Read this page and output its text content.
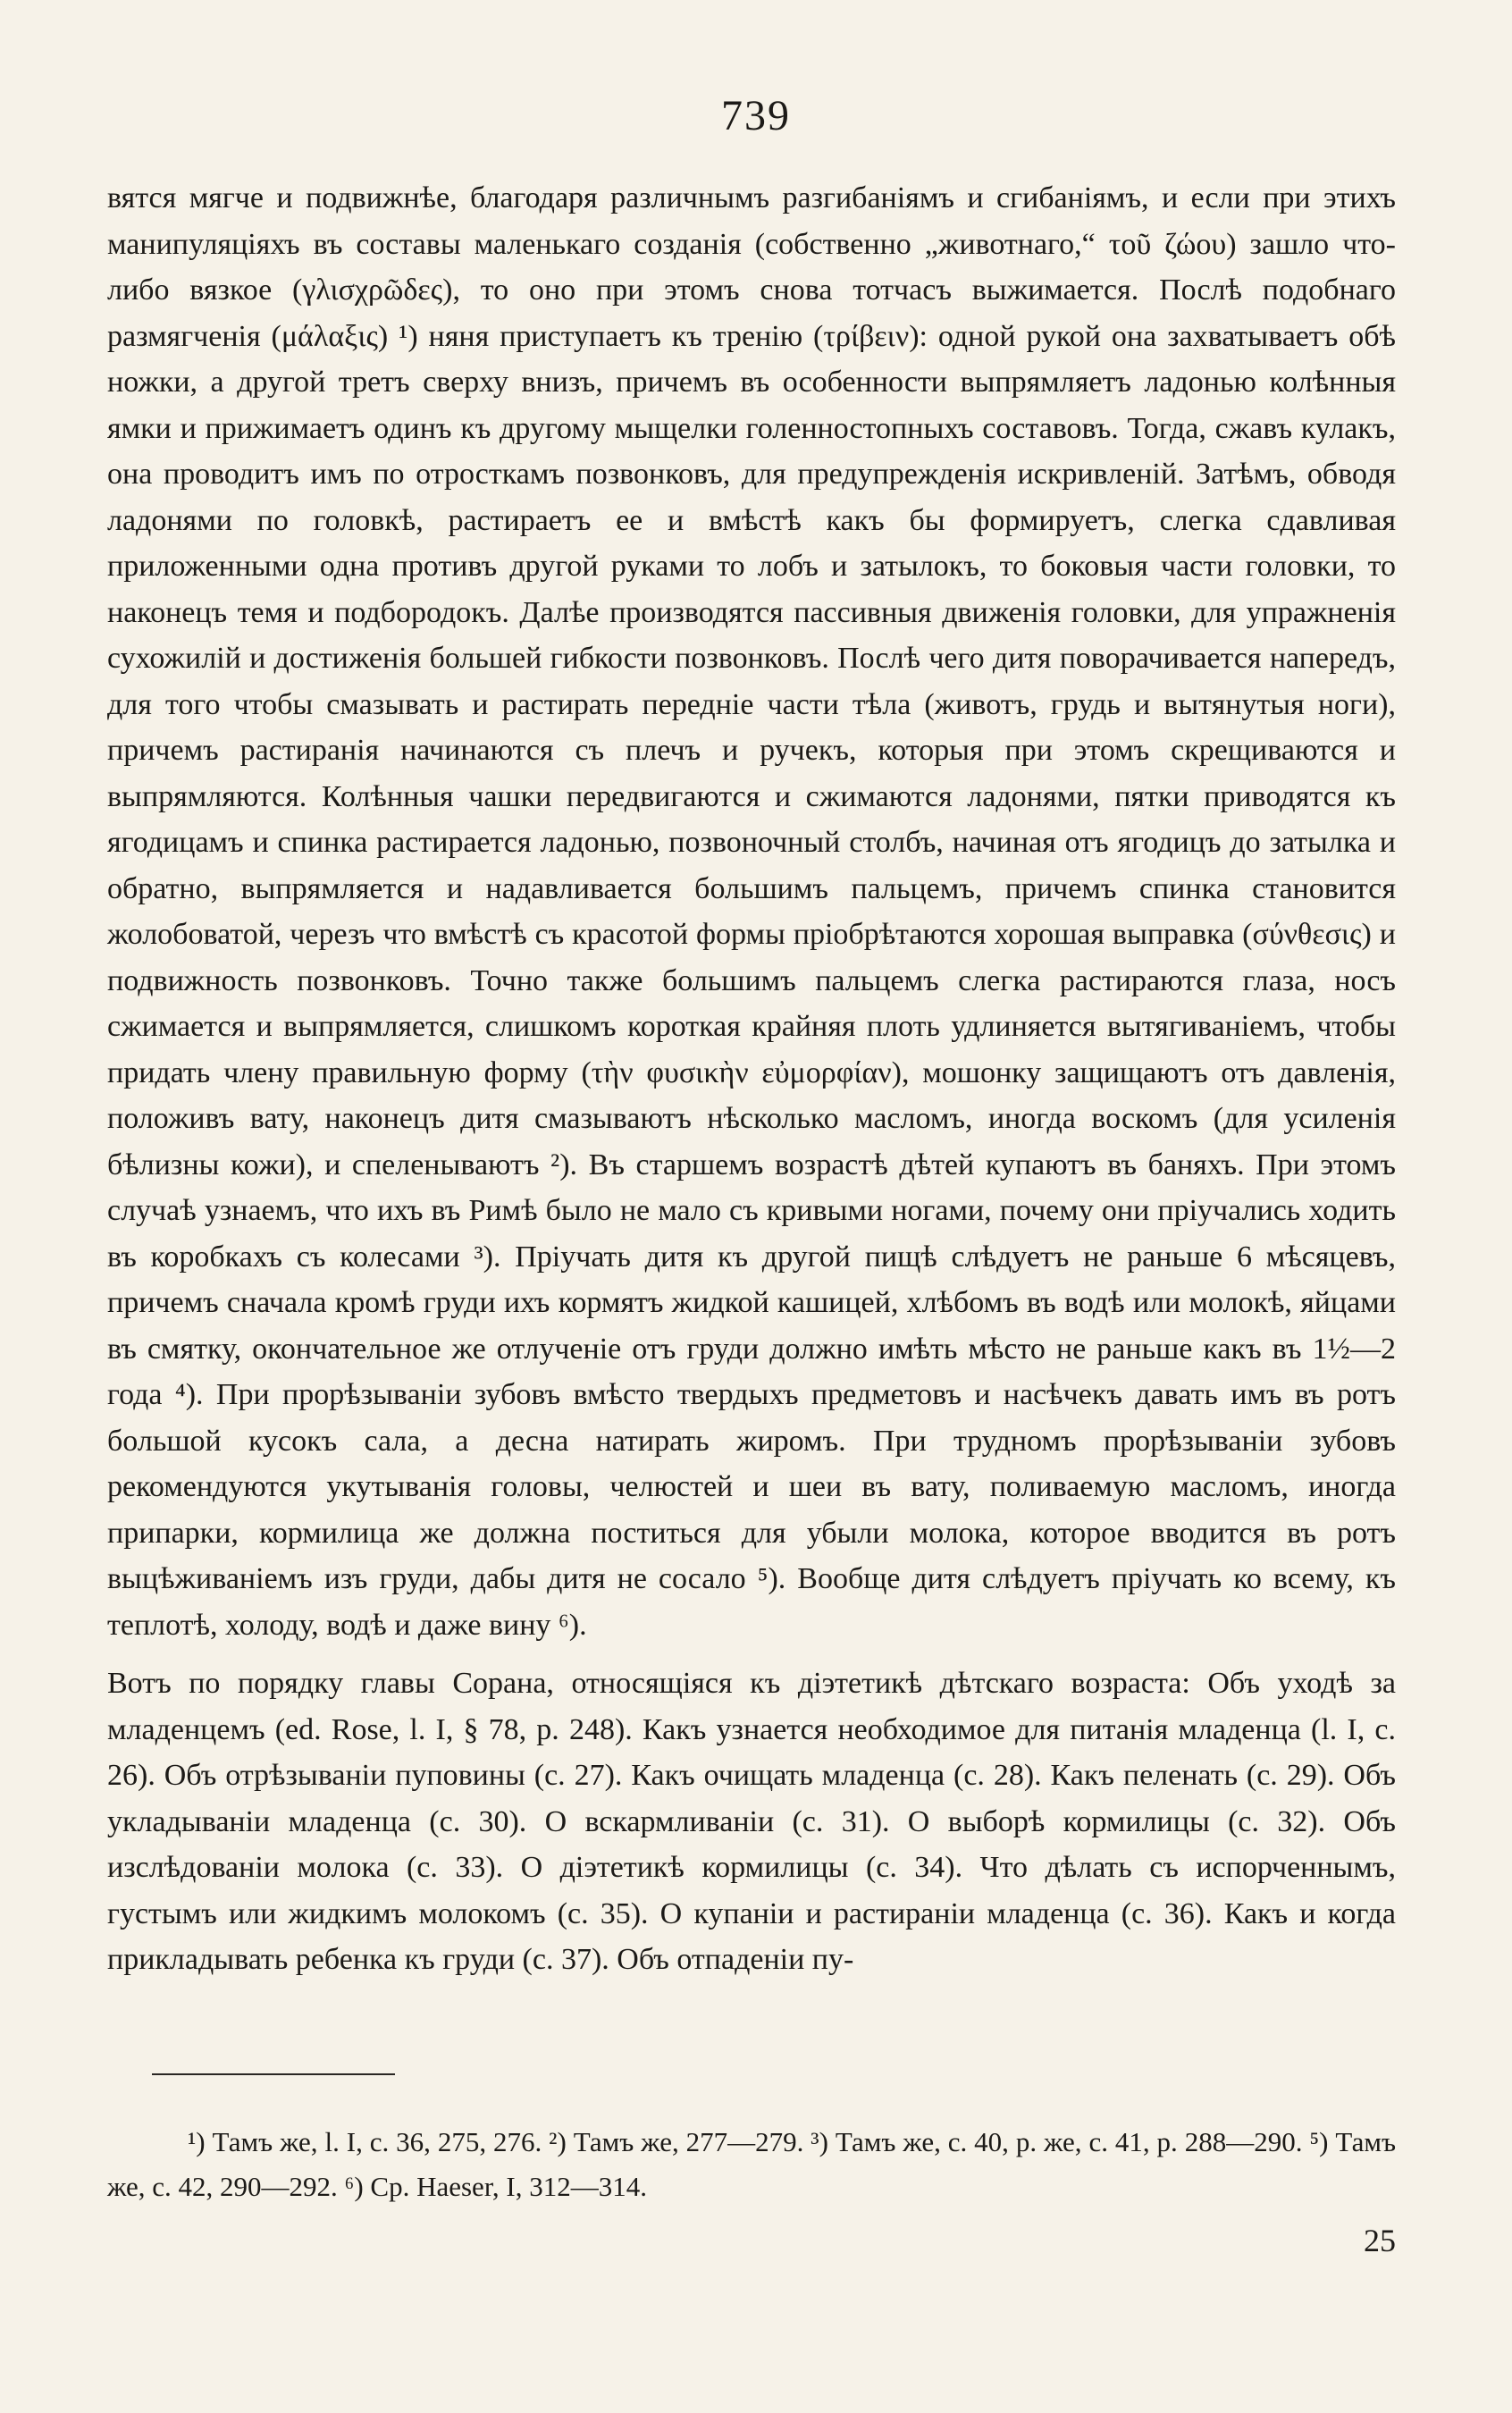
739

вятся мягче и подвижнѣе, благодаря различнымъ разгибаніямъ и сгибаніямъ, и если при этихъ манипуляціяхъ въ составы маленькаго созданія (собственно „животнаго,“ τοῦ ζώου) зашло что-либо вязкое (γλισχρῶδες), то оно при этомъ снова тотчасъ выжимается. Послѣ подобнаго размягченія (μάλαξις) ¹) няня приступаетъ къ тренію (τρίβειν): одной рукой она захватываетъ обѣ ножки, а другой третъ сверху внизъ, причемъ въ особенности выпрямляетъ ладонью колѣнныя ямки и прижимаетъ одинъ къ другому мыщелки голенностопныхъ составовъ. Тогда, сжавъ кулакъ, она проводитъ имъ по отросткамъ позвонковъ, для предупрежденія искривленій. Затѣмъ, обводя ладонями по головкѣ, растираетъ ее и вмѣстѣ какъ бы формируетъ, слегка сдавливая приложенными одна противъ другой руками то лобъ и затылокъ, то боковыя части головки, то наконецъ темя и подбородокъ. Далѣе производятся пассивныя движенія головки, для упражненія сухожилій и достиженія большей гибкости позвонковъ. Послѣ чего дитя поворачивается напередъ, для того чтобы смазывать и растирать передніе части тѣла (животъ, грудь и вытянутыя ноги), причемъ растиранія начинаются съ плечъ и ручекъ, которыя при этомъ скрещиваются и выпрямляются. Колѣнныя чашки передвигаются и сжимаются ладонями, пятки приводятся къ ягодицамъ и спинка растирается ладонью, позвоночный столбъ, начиная отъ ягодицъ до затылка и обратно, выпрямляется и надавливается большимъ пальцемъ, причемъ спинка становится жолобоватой, черезъ что вмѣстѣ съ красотой формы пріобрѣтаются хорошая выправка (σύνθεσις) и подвижность позвонковъ. Точно также большимъ пальцемъ слегка растираются глаза, носъ сжимается и выпрямляется, слишкомъ короткая крайняя плоть удлиняется вытягиваніемъ, чтобы придать члену правильную форму (τὴν φυσικὴν εὐμορφίαν), мошонку защищаютъ отъ давленія, положивъ вату, наконецъ дитя смазываютъ нѣсколько масломъ, иногда воскомъ (для усиленія бѣлизны кожи), и спеленываютъ ²). Въ старшемъ возрастѣ дѣтей купаютъ въ баняхъ. При этомъ случаѣ узнаемъ, что ихъ въ Римѣ было не мало съ кривыми ногами, почему они пріучались ходить въ коробкахъ съ колесами ³). Пріучать дитя къ другой пищѣ слѣдуетъ не раньше 6 мѣсяцевъ, причемъ сначала кромѣ груди ихъ кормятъ жидкой кашицей, хлѣбомъ въ водѣ или молокѣ, яйцами въ смятку, окончательное же отлученіе отъ груди должно имѣть мѣсто не раньше какъ въ 1½—2 года ⁴). При прорѣзываніи зубовъ вмѣсто твердыхъ предметовъ и насѣчекъ давать имъ въ ротъ большой кусокъ сала, а десна натирать жиромъ. При трудномъ прорѣзываніи зубовъ рекомендуются укутыванія головы, челюстей и шеи въ вату, поливаемую масломъ, иногда припарки, кормилица же должна поститься для убыли молока, которое вводится въ ротъ выцѣживаніемъ изъ груди, дабы дитя не сосало ⁵). Вообще дитя слѣдуетъ пріучать ко всему, къ теплотѣ, холоду, водѣ и даже вину ⁶).

Вотъ по порядку главы Сорана, относящіяся къ діэтетикѣ дѣтскаго возраста: Объ уходѣ за младенцемъ (ed. Rose, l. I, § 78, p. 248). Какъ узнается необходимое для питанія младенца (l. I, c. 26). Объ отрѣзываніи пуповины (c. 27). Какъ очищать младенца (c. 28). Какъ пеленать (c. 29). Объ укладываніи младенца (c. 30). О вскармливаніи (c. 31). О выборѣ кормилицы (c. 32). Объ изслѣдованіи молока (c. 33). О діэтетикѣ кормилицы (c. 34). Что дѣлать съ испорченнымъ, густымъ или жидкимъ молокомъ (c. 35). О купаніи и растираніи младенца (c. 36). Какъ и когда прикладывать ребенка къ груди (c. 37). Объ отпаденіи пу-

¹) Тамъ же, l. I, c. 36, 275, 276. ²) Тамъ же, 277—279. ³) Тамъ же, c. 40, p. же, c. 41, p. 288—290. ⁵) Тамъ же, c. 42, 290—292. ⁶) Ср. Haeser, I, 312—314.

25
